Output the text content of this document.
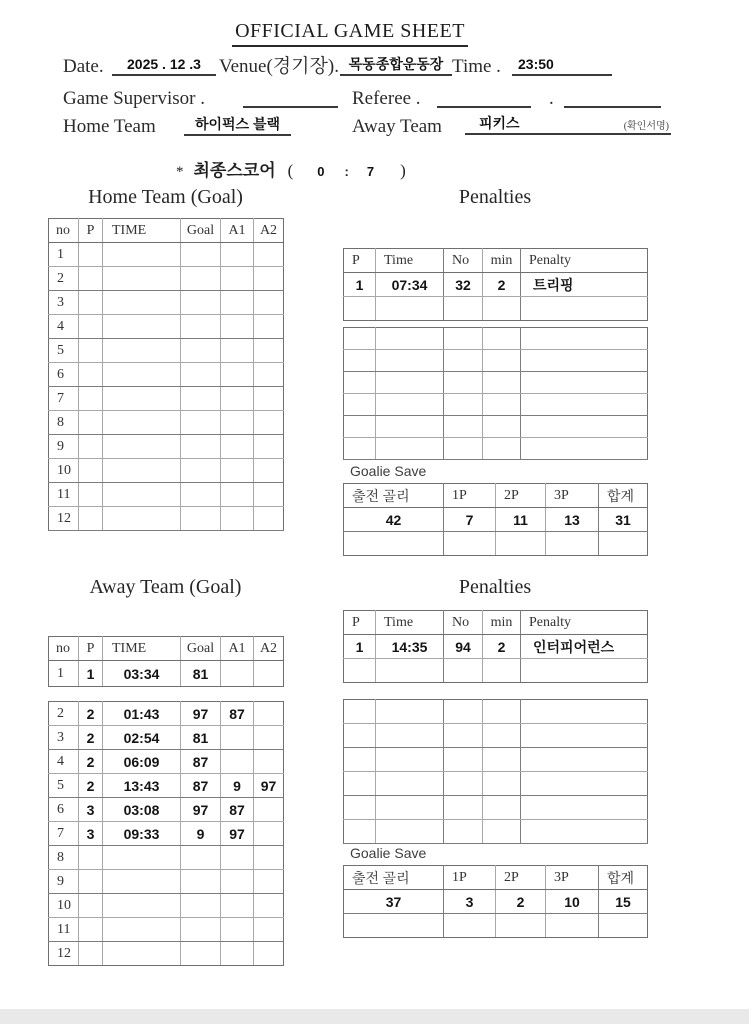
OFFICIAL GAME SHEET
Date.	2025 . 12 .3 Venue(경기장). 목동종합운동장 Time .	23:50
Game Supervisor .	Referee .	.
Home Team	하이퍽스 블랙	Away Team	피키스	(확인서명)
* 최종스코어 ( 0 : 7 )
Home Team (Goal)	Penalties
Away Team (Goal)	Penalties
no	P	TIME	Goal	A1	A2
1					
2					
3					
4					
5					
6					
7					
8					
9					
10					
11					
12					
P	Time	No	min	Penalty
1	07:34	32	2	트리핑

Goalie Save
출전 골리	1P	2P	3P	합계
42	7	11	13	31

P	Time	No	min	Penalty
1	14:35	94	2	인터피어런스

no	P	TIME	Goal	A1	A2
1	1	03:34	81		
2	2	01:43	97	87	
3	2	02:54	81		
4	2	06:09	87		
5	2	13:43	87	9	97
6	3	03:08	97	87	
7	3	09:33	9	97	
8					
9					
10					
11					
12					
Goalie Save
출전 골리	1P	2P	3P	합계
37	3	2	10	15
